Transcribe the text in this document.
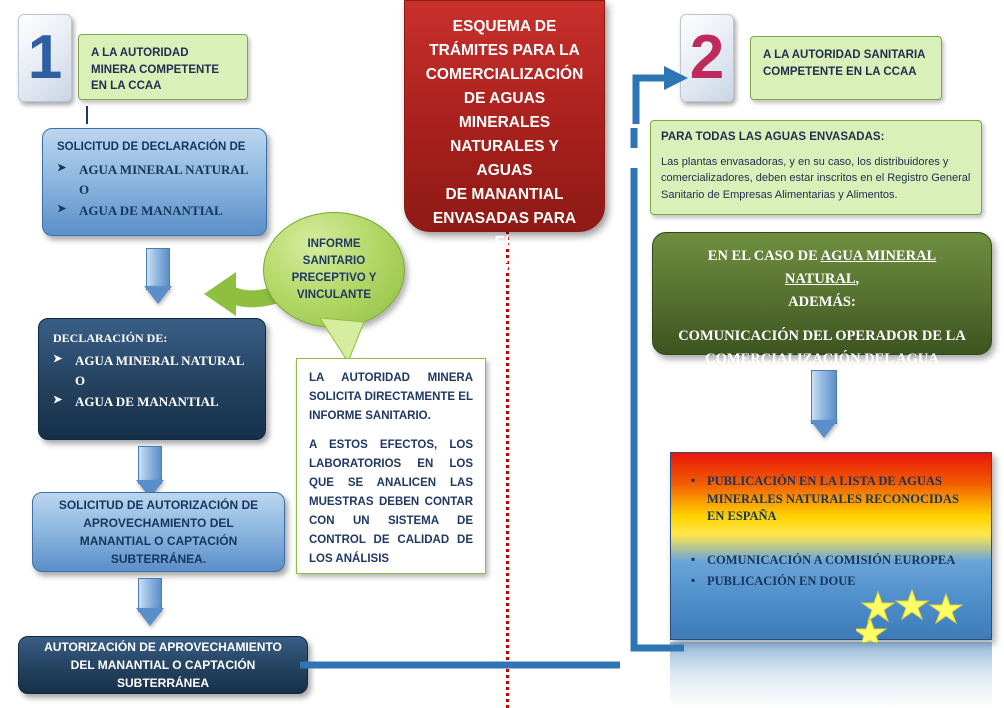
ESQUEMA DE
TRÁMITES PARA LA
COMERCIALIZACIÓN
DE AGUAS MINERALES
NATURALES Y AGUAS
DE MANANTIAL
ENVASADAS PARA EL
CONSUMO
1	A LA AUTORIDAD MINERA COMPETENTE EN LA CCAA	2	A LA AUTORIDAD SANITARIA COMPETENTE EN LA CCAA
PARA TODAS LAS AGUAS ENVASADAS:
Las plantas envasadoras, y en su caso, los distribuidores y comercializadores, deben estar inscritos en el Registro General Sanitario de Empresas Alimentarias y Alimentos.
SOLICITUD DE DECLARACIÓN DE
➤ AGUA MINERAL NATURAL O
➤ AGUA DE MANANTIAL
DECLARACIÓN DE:
➤ AGUA MINERAL NATURAL O
➤ AGUA DE MANANTIAL
SOLICITUD DE AUTORIZACIÓN DE APROVECHAMIENTO DEL MANANTIAL O CAPTACIÓN SUBTERRÁNEA.
AUTORIZACIÓN DE APROVECHAMIENTO DEL MANANTIAL O CAPTACIÓN SUBTERRÁNEA
INFORME
SANITARIO
PRECEPTIVO Y
VINCULANTE
LA AUTORIDAD MINERA SOLICITA DIRECTAMENTE EL INFORME SANITARIO.
A ESTOS EFECTOS, LOS LABORATORIOS EN LOS QUE SE ANALICEN LAS MUESTRAS DEBEN CONTAR CON UN SISTEMA DE CONTROL DE CALIDAD DE LOS ANÁLISIS
EN EL CASO DE AGUA MINERAL NATURAL,
ADEMÁS:
COMUNICACIÓN DEL OPERADOR DE LA
COMERCIALIZACIÓN DEL AGUA
▪ PUBLICACIÓN EN LA LISTA DE AGUAS MINERALES NATURALES RECONOCIDAS EN ESPAÑA
▪ COMUNICACIÓN A COMISIÓN EUROPEA
▪ PUBLICACIÓN EN DOUE
